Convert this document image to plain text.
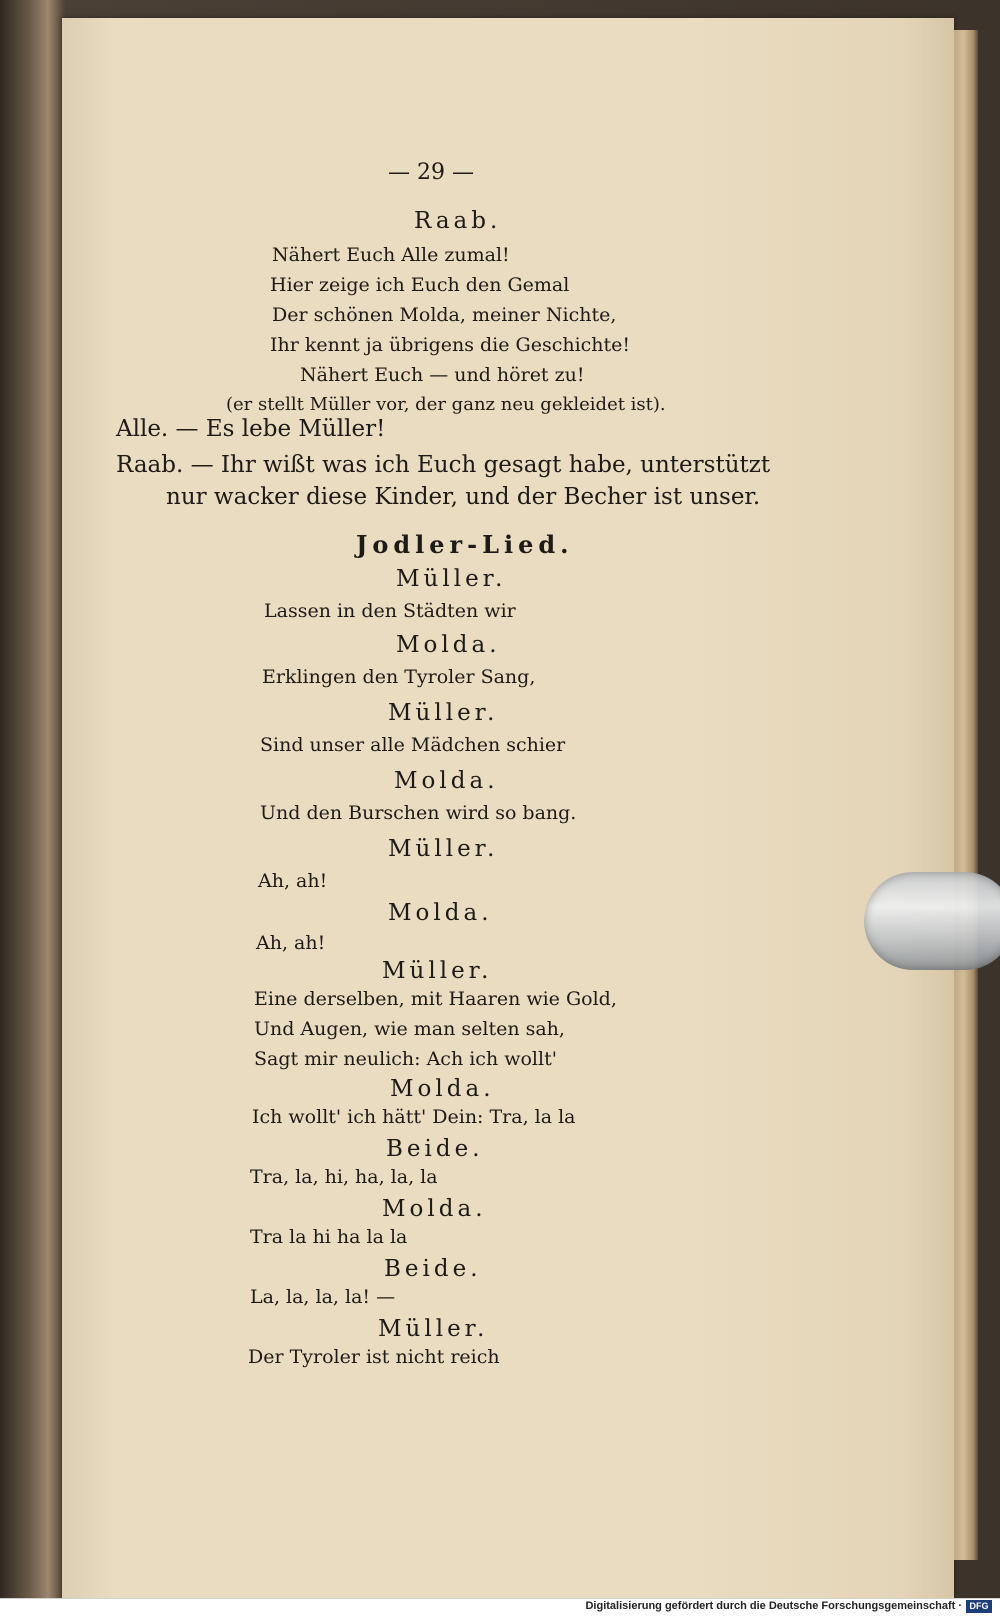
— 29 —
Raab.
Nähert Euch Alle zumal!
Hier zeige ich Euch den Gemal
Der schönen Molda, meiner Nichte,
Ihr kennt ja übrigens die Geschichte!
Nähert Euch — und höret zu!
(er stellt Müller vor, der ganz neu gekleidet ist).
Alle. — Es lebe Müller!
Raab. — Ihr wißt was ich Euch gesagt habe, unterstützt
nur wacker diese Kinder, und der Becher ist unser.
Jodler-Lied.
Müller.
Lassen in den Städten wir
Molda.
Erklingen den Tyroler Sang,
Müller.
Sind unser alle Mädchen schier
Molda.
Und den Burschen wird so bang.
Müller.
Ah, ah!
Molda.
Ah, ah!
Müller.
Eine derselben, mit Haaren wie Gold,
Und Augen, wie man selten sah,
Sagt mir neulich: Ach ich wollt'
Molda.
Ich wollt' ich hätt' Dein: Tra, la la
Beide.
Tra, la, hi, ha, la, la
Molda.
Tra la hi ha la la
Beide.
La, la, la, la! —
Müller.
Der Tyroler ist nicht reich
Digitalisierung gefördert durch die Deutsche Forschungsgemeinschaft · DFG
